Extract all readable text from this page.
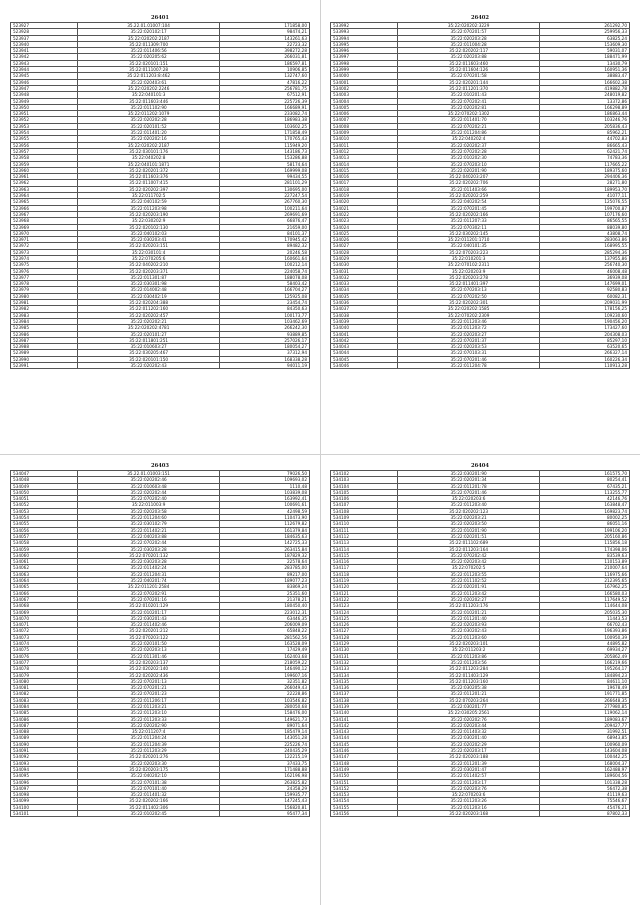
26401
523927	35.22.01.01007:104	171858,00
523928	35:22:020102:17	98474,21
523937	35:22:020202:2187	143261,63
523940	35:22:011309:700	22723,32
523941	35:22:011406:56	398272,28
523942	35:22:020205:62	266031,81
523943	35:22:020101:151	186597,81
523944	35:22:0111007:28	10906,85
523945	35:22:011203:8:462	132747,60
523946	35:22:020403:61	47816,22
523947	35:22:020202:2246	256781,75
523948	35:22:040101:3	67512,91
523949	35:22:011603:446	225726,39
523950	35:22:011102:90	166689,91
523951	35:22:011202:1079	233082,74
523952	35:22:020202:28	186983,38
523953	35:22:020101:52	103602,25
523954	35:22:011401:20	171858,49
523955	35:22:020202:16	170765,43
523956	35:22:020202:2187	115949,20
523957	35:22:030101:176	143186,73
523958	35:22:040202:8	153286,88
523959	35:22:040101:1871	58174,64
523960	35:22:020201:372	169999,08
523961	35:22:011603:376	99434,55
523962	35:22:011007:415	281101,29
523963	35:22:020202:397	130695,00
523964	35:22:011702:5	227247,54
523965	35:22:040102:59	267760,30
523966	35:22:011203:98	100211,64
523967	35:22:020203:190	269691,69
523968	35:22:030202:9	66876,47
523969	35:22:020102:130	21659,00
523970	35:22:040102:03	84101,37
523971	35:22:030203:41	170945,42
523972	35:22:020203:151	89482,32
523973	35:22:030101:4	20246,58
523974	35:22:070205:6	160661,64
523975	35:22:040202:210	100212,14
523976	35:22:020203:371	224058,74
523977	35:22:011301:87	188078,08
523978	35:22:030301:98	58403,42
523979	35:22:014002:48	166704,27
523980	35:22:030402:19	125925,08
523981	35:22:020204:388	23454,74
523982	35:22:011202:160	84350,63
523983	35:22:020202:457	100173,77
523984	35:22:020202:21	103462,69
523985	35:22:020202:4781	266242,30
523986	35:22:020101:27	93889,85
523987	35:22:011801:251	257026,17
523988	35:22:010603:27	180054,27
523989	35:22:030205:467	37312,94
523990	35:22:020101:150	168338,28
523991	35:22:020202:43	94011,19
26402
533992	35:22:020202:3229	261292,70
533993	35:22:070201:57	259956,33
533994	35:22:020203:28	63825,24
533995	35:22:011004:28	153609,30
533996	35:22:020202:117	59031,07
533997	35:22:020203:88	188471,99
533998	35:22:011603:460	13430,79
533999	35:22:011604:126	160951,36
534000	35:22:070201:58	38883,47
534001	35:22:020201:144	166602,38
534002	35:22:011201:370	419882,78
534003	35:22:010201:43	248019,82
534004	35:22:070202:41	13372,86
534005	35:22:020202:81	166298,89
534006	35:22:070202:1302	186863,44
534007	35:22:011401:70	103246,76
534008	35:22:070202:21	205836,43
534009	35:22:011204:86	85962,21
534010	35:22:040202:4	44702,83
534011	35:22:020202:37	86665,43
534012	35:22:070202:28	62421,74
534013	35:22:010202:30	74783,36
534014	35:22:070203:10	117665,22
534015	35:22:020201:90	189375,60
534016	35:22:040203:207	294406,36
534017	35:22:020202:706	28271,80
534018	35:22:011403:66	189953,70
534019	35:22:020202:259	41077,11
534020	35:22:040202:54	125076,55
534021	35:22:070201:45	199700,87
534022	35:22:020202:166	107176,60
534023	35:22:011207:33	86565,55
534024	35:22:070302:11	88039,80
534025	35:22:030202:145	43808,74
534026	35:22:011201:1710	283063,86
534027	35:22:040101:35	168995,55
534028	35:22:070203:223	285294,36
534029	35:22:010201:3	137955,86
534030	35:22:070102:2311	256740,30
534031	35:22:020203:9	46008,48
534032	35:22:020203:278	36939,08
534033	35:22:011401:397	147699,01
534034	35:22:070203:13	92580,83
534035	35:22:070202:50	60082,31
534036	35:22:020202:301	209031,99
534037	35:22:020202:1585	178156,25
534038	35:22:070202:2309	109230,60
534039	35:22:011203:46	190456,20
534040	35:22:011203:72	173427,60
534041	35:22:020203:27	204308,03
534042	35:22:070201:37	85297,10
534043	35:22:020203:53	63520,65
534044	35:22:070103:31	266327,14
534045	35:22:070201:46	160226,34
534046	35:22:011204:78	110913,28
26403
534047	35.22.01.01003:151	79026,50
534048	35:22:020202:46	109693,02
534049	35:22:010603:48	1110,48
534050	35:22:020202:44	103839,08
534051	35:22:070202:40	163992,41
534052	35:22:011003:9	100691,61
534053	35:22:020203:58	42498,59
534054	35:22:011204:60	110473,90
534055	35:22:030102:79	112679,82
534056	35:22:011402:21	161379,84
534057	35:22:040203:88	184635,63
534058	35:22:070202:44	142725,33
534059	35:22:030203:28	263415,84
534060	35:22:070201:132	187829,32
534061	35:22:030203:28	22578,64
534062	35:22:011402:24	283785,00
534063	35:22:011204:31	89217,00
534064	35:22:040201:74	189077,23
534065	35:22:011201:2584	83869,24
534066	35:22:070202:91	25351,60
534067	35:22:070201:16	21378,21
534068	35:22:010201:129	180450,40
534069	35:22:010201:17	223012,31
534070	35:22:030201:43	63446,35
534071	35:22:011402:46	206009,09
534072	35:22:020201:212	65848,22
534073	35:22:070203:122	281562,56
534074	35:22:020101:50	163528,09
534075	35:22:020203:13	17429,49
534076	35:22:011301:46	162403,68
534077	35:22:020203:137	218059,22
534078	35:22:020202:140	146490,12
534079	35:22:020202:436	199607,16
534080	35:22:070201:13	32351,82
534081	35:22:070201:21	266049,43
534082	35:22:070201:23	22228,86
534083	35:22:011206:17	103546,82
534084	35:22:011203:21	280050,68
534085	35:22:011203:10	158476,00
534086	35:22:011203:33	149621,73
534087	35:22:020202:90	89071,64
534088	35:22:011207:4	185479,14
534089	35:22:011204:24	143051,28
534090	35:22:011204:39	225226,74
534091	35:22:011203:29	240435,29
534092	35:22:020201:276	122215,19
534093	35:22:020203:30	37433,75
534094	35:22:020203:175	171488,88
534095	35:22:040202:10	162196,98
534096	35:22:070101:38	263825,82
534097	35:22:070101:40	24358,29
534098	35:22:011401:32	159935,77
534099	35:22:020202:166	147245,43
534100	35:22:011402:306	156820,81
534101	35:22:010202:45	95477,34
26404
534102	35:22:030201:90	161575,70
534103	35:22:020201:34	80254,41
534104	35:22:011201:78	67435,21
534105	35:22:070201:46	113255,77
534106	35:22:020203:6	42146,76
534107	35:22:011203:40	163848,47
534108	35:22:020202:123	169823,74
534109	35:22:020203:21	80002,25
534110	35:22:020203:50	86051,16
534111	35:22:010201:90	199106,20
534112	35:22:020201:51	205160,86
534113	35:22:011102:689	115856,18
534114	35:22:011203:164	174398,06
534115	35:22:070202:42	83539,63
534116	35:22:020203:42	110153,89
534117	35:22:070202:5	210007,64
534118	35:22:011203:55	116975,66
534119	35:22:011102:52	212395,65
534120	35:22:020201:91	167962,25
534121	35:22:011203:42	166580,03
534122	35:22:020202:27	117649,52
534123	35:22:011203:176	114644,08
534124	35:22:010201:21	205035,30
534125	35:22:011201:40	11443,53
534126	35:22:020203:93	66702,43
534127	35:22:030202:43	196393,86
534128	35:22:011203:60	100950,39
534129	35:22:020203:101	44895,82
534130	35:22:011203:2	69934,27
534131	35:22:011203:86	205862,49
534132	35:22:011203:56	166219,66
534133	35:22:011203:284	195264,17
534134	35:22:011403:129	184894,23
534135	35:22:011203:160	84611,10
534136	35:22:030205:38	19678,49
534137	35:22:011201:21	191771,85
534138	35:22:070203:264	266648,35
534139	35:22:030201:77	277980,85
534140	35:22:030205:2561	119062,14
534141	35:22:020202:76	189083,67
534142	35:22:020203:44	209427,77
534143	35:22:011403:32	31992,51
534144	35:22:030201:40	68943,85
534145	35:22:020202:29	100960,09
534146	35:22:020203:17	143604,08
534147	35:22:020203:188	100442,25
534148	35:22:011201:39	168004,37
534149	35:22:030201:47	162488,97
534150	35:22:011402:57	189604,56
534151	35:22:011203:17	101338,28
534152	35:22:020203:76	56472,38
534153	35:22:070203:6	41119,63
534154	35:22:011203:26	75546,67
534155	35:22:011203:16	45476,21
534156	35:22:020203:168	87802,33
